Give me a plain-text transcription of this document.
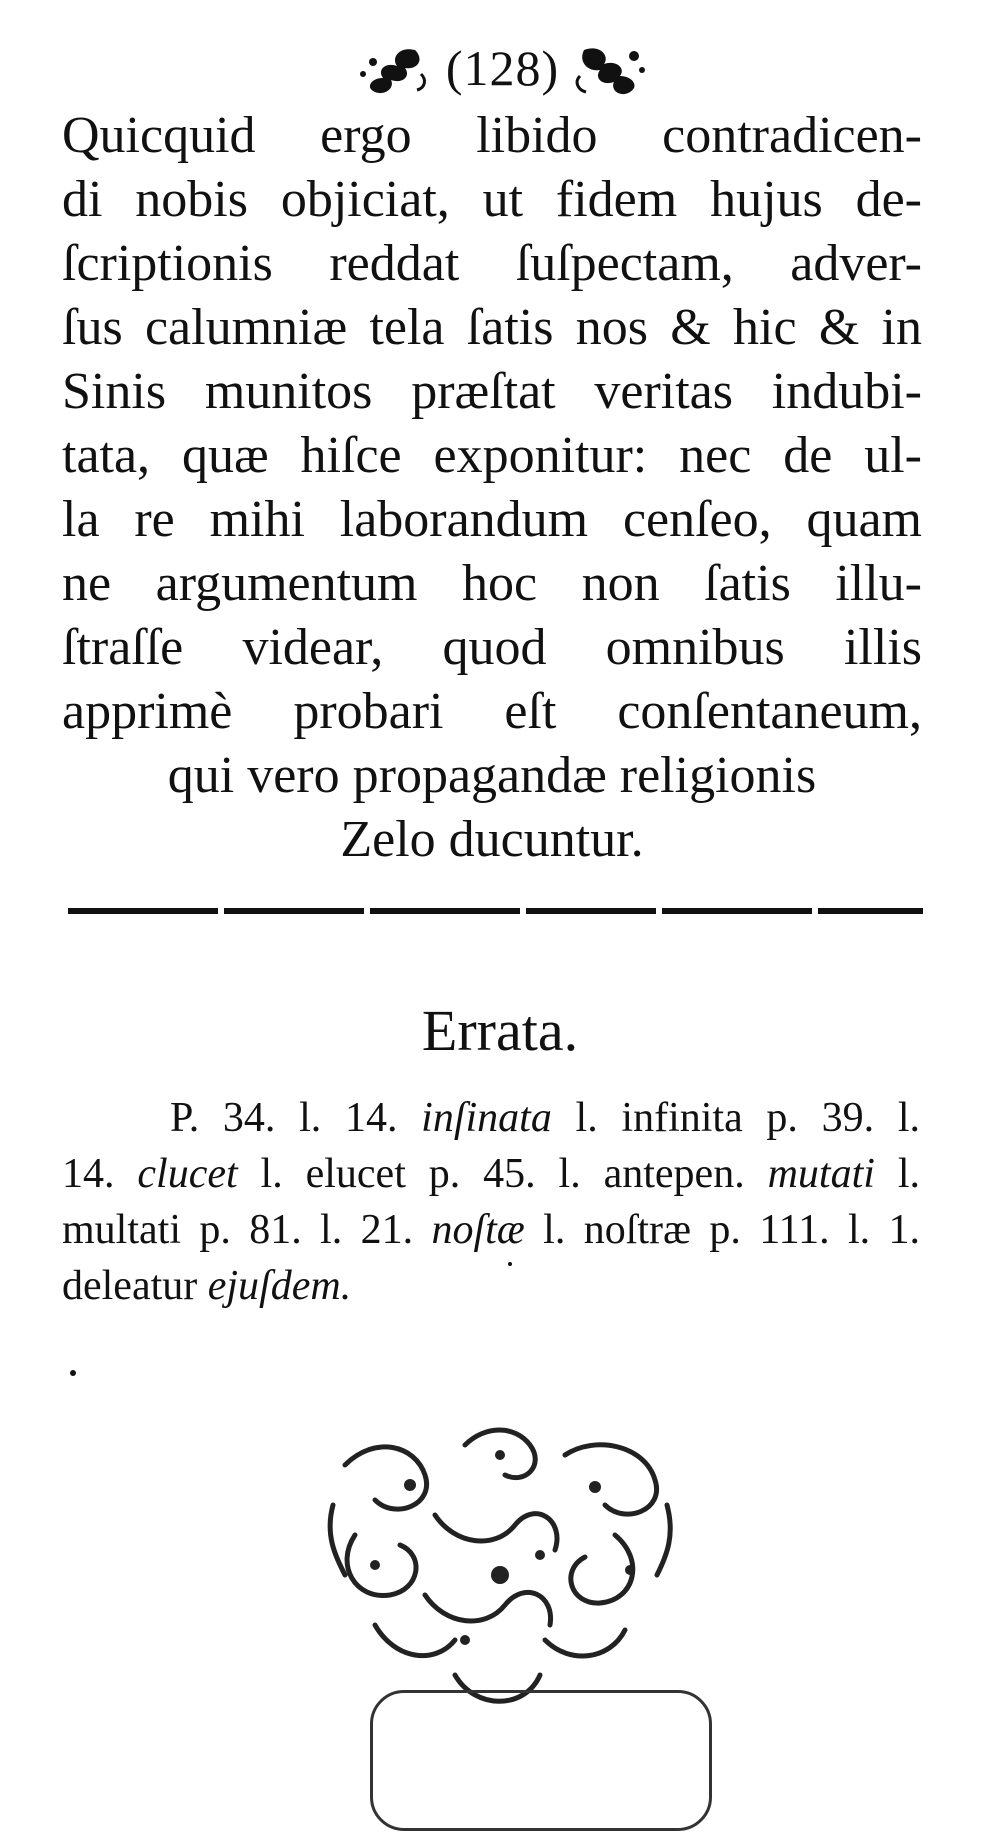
(128)
Quicquid ergo libido contradicen-
di nobis objiciat, ut fidem hujus de-
ſcriptionis reddat ſuſpectam, adver-
ſus calumniæ tela ſatis nos & hic & in
Sinis munitos præſtat veritas indubi-
tata, quæ hiſce exponitur: nec de ul-
la re mihi laborandum cenſeo, quam
ne argumentum hoc non ſatis illu-
ſtraſſe videar, quod omnibus illis
apprimè probari eſt conſentaneum,
qui vero propagandæ religionis
Zelo ducuntur.
Errata.
P. 34. l. 14. inſinata l. infinita p. 39. l.
14. clucet l. elucet p. 45. l. antepen. mutati l.
multati p. 81. l. 21. noſtæ l. noſtræ p. 111. l. 1.
deleatur ejuſdem.
